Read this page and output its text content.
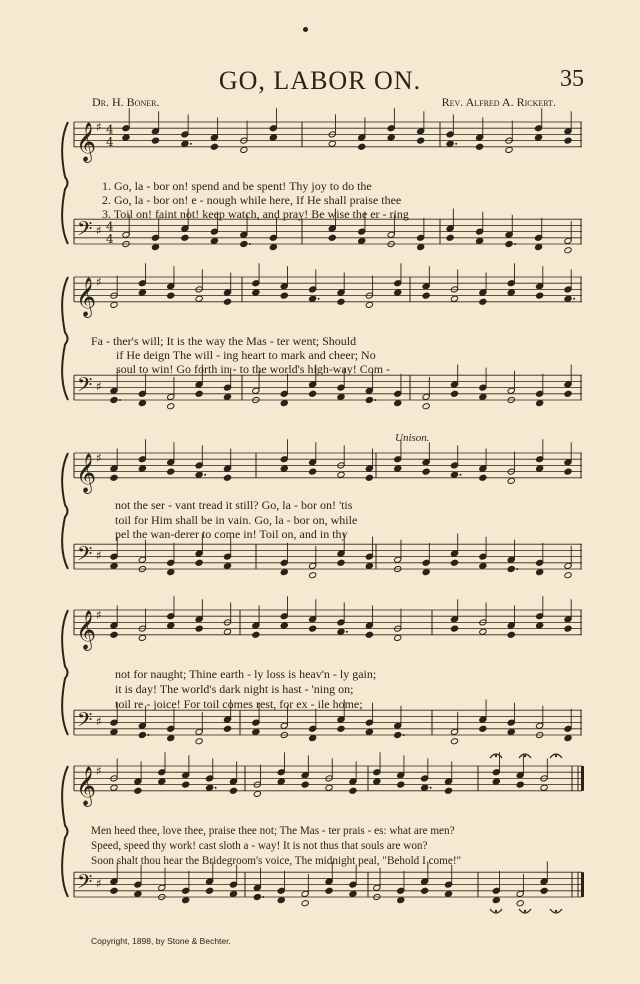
GO, LABOR ON.	35
Dr. H. Boner.	Rev. Alfred A. Rickert.
Unison.
Copyright, 1898, by Stone & Bechter.
𝄞 ♯ 4
4
𝄢 ♯ 4
4
𝄞 ♯
𝄢 ♯
𝄞 ♯
𝄢 ♯
𝄞 ♯
𝄢 ♯
𝄞 ♯
𝄢 ♯
1. Go, la - bor on! spend and be spent! Thy joy to do the
2. Go, la - bor on! e - nough while here, If He shall praise thee
3. Toil on! faint not! keep watch, and pray! Be wise the er - ring
Fa - ther's will; It is the way the Mas - ter went; Should
if He deign The will - ing heart to mark and cheer; No
soul to win! Go forth in - to the world's high-way! Com -
not the ser - vant tread it still? Go, la - bor on! 'tis
toil for Him shall be in vain. Go, la - bor on, while
pel the wan-derer to come in! Toil on, and in thy
not for naught; Thine earth - ly loss is heav'n - ly gain;
it is day! The world's dark night is hast - 'ning on;
toil re - joice! For toil comes rest, for ex - ile home;
Men heed thee, love thee, praise thee not; The Mas - ter prais - es: what are men?
Speed, speed thy work! cast sloth a - way! It is not thus that souls are won?
Soon shalt thou hear the Bridegroom's voice, The midnight peal, "Behold I come!"
